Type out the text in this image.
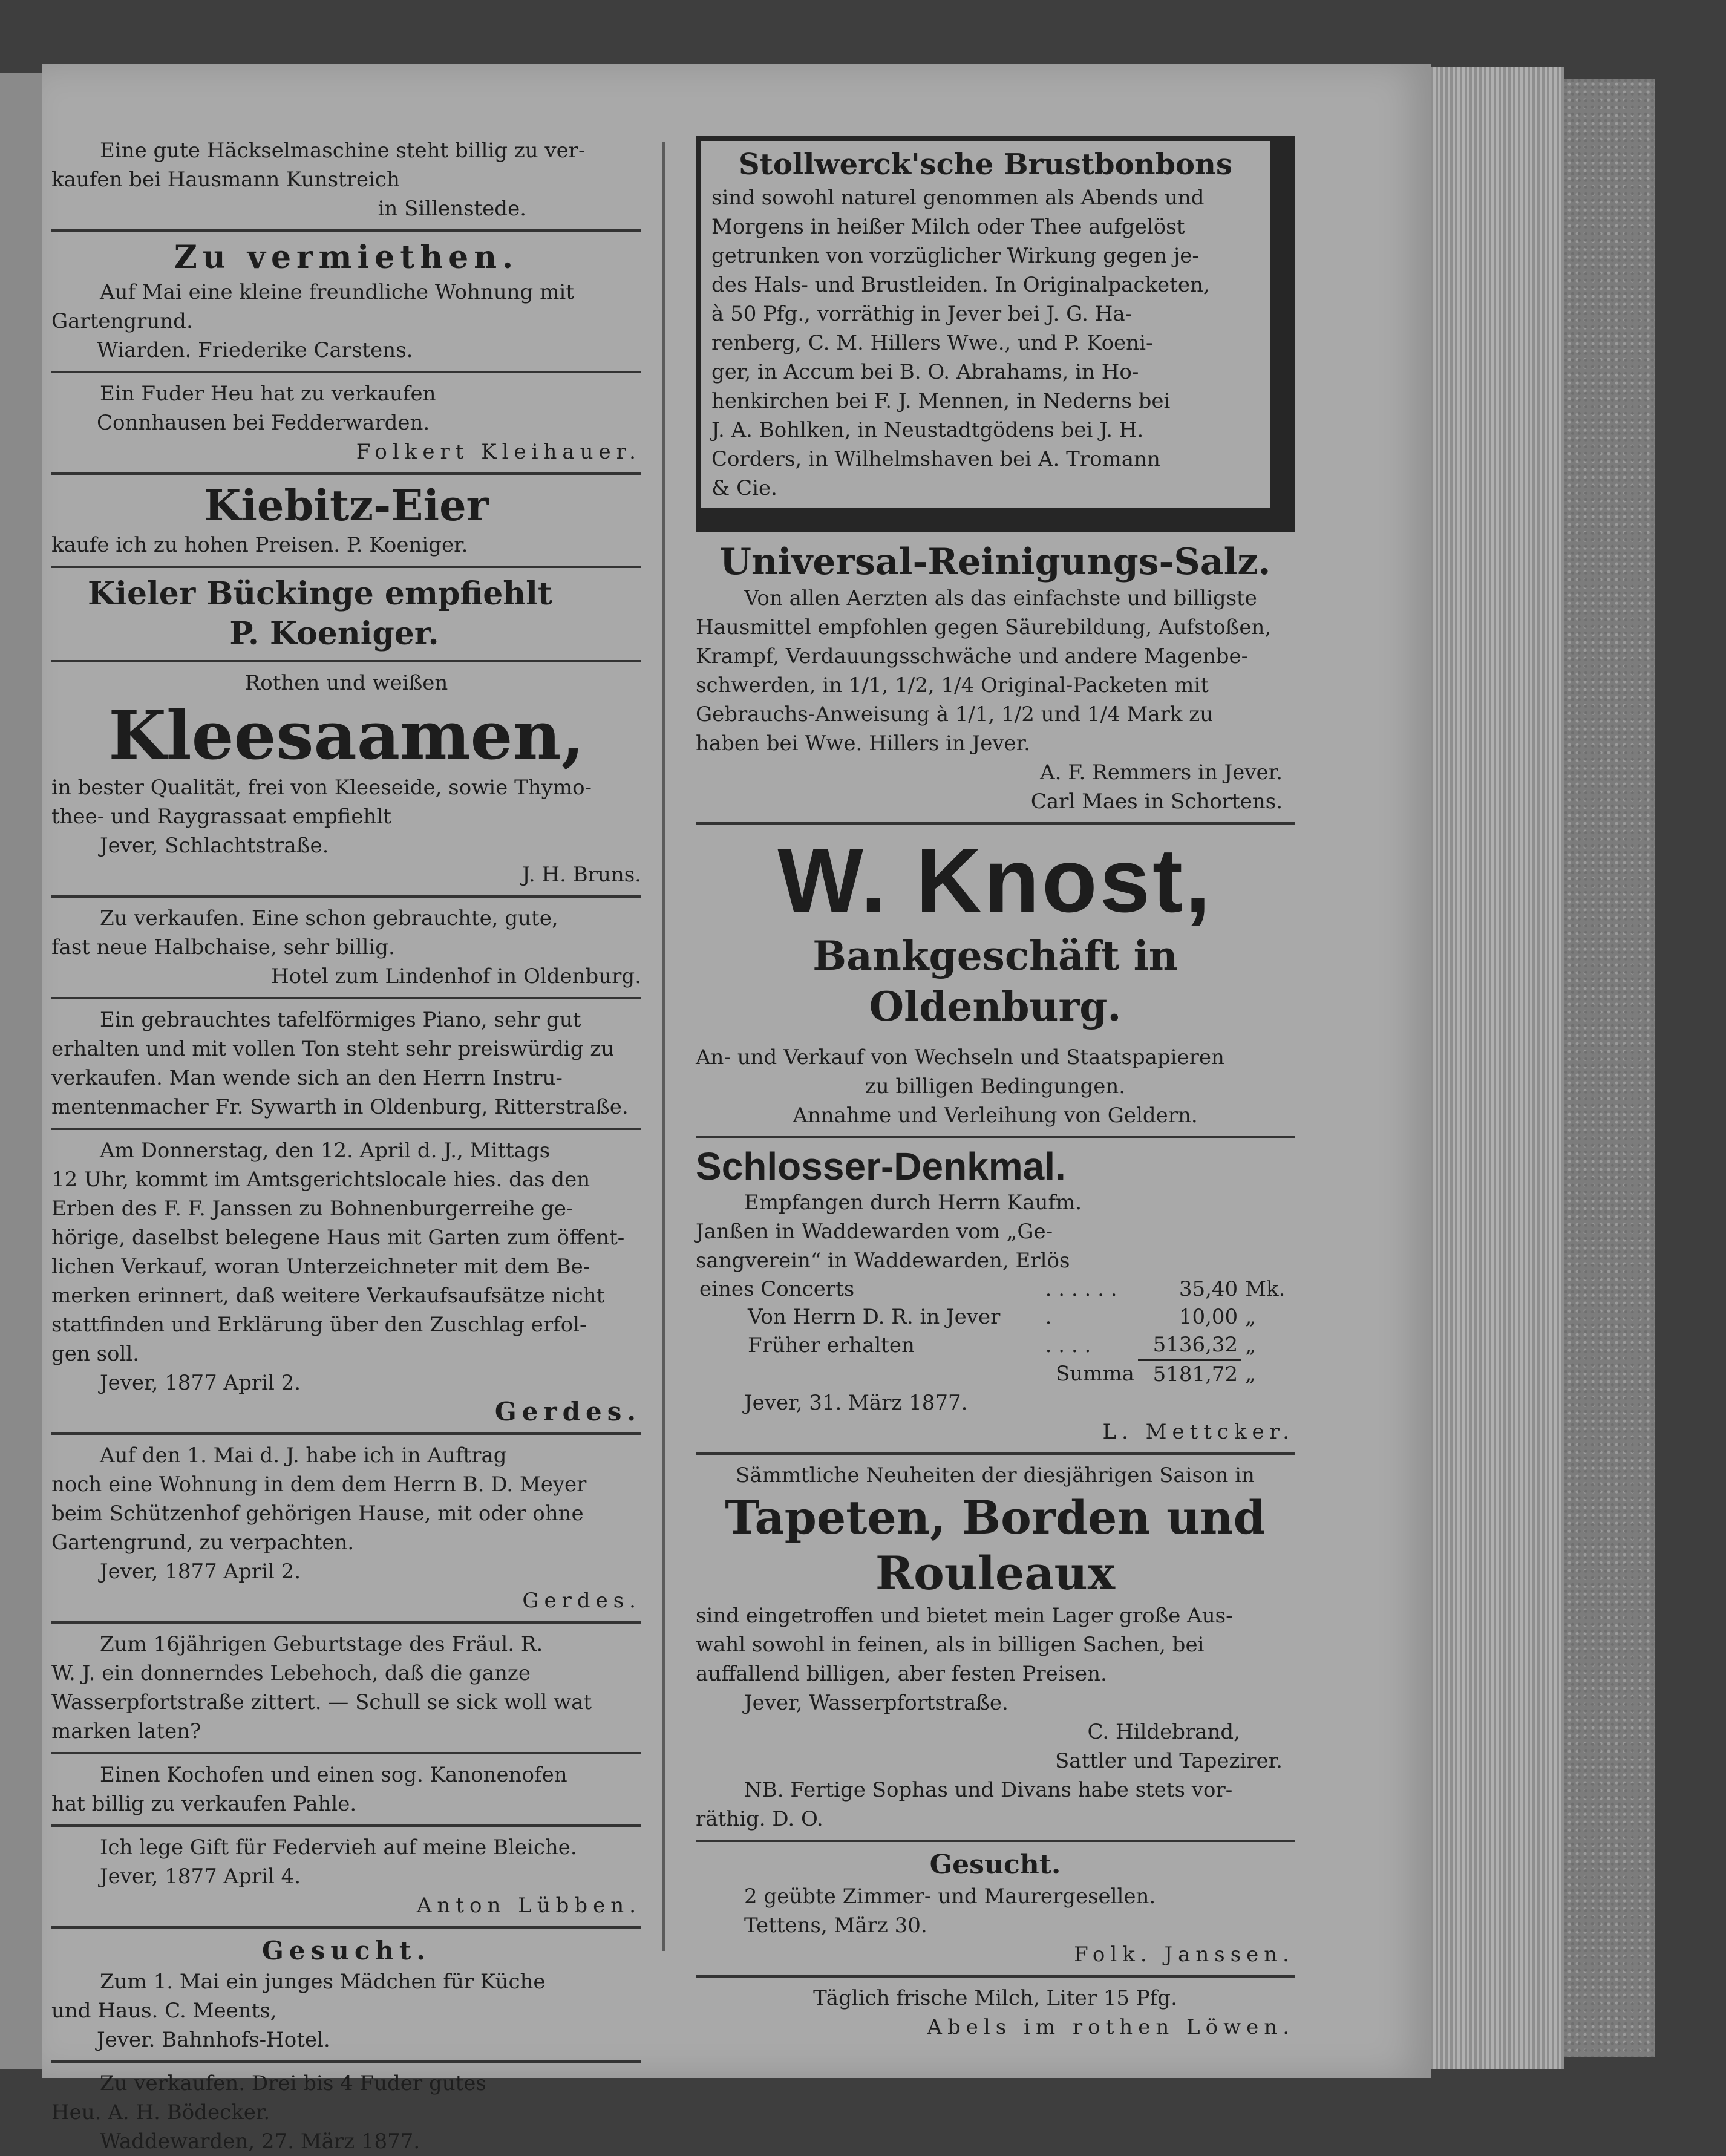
Eine gute Häckselmaschine steht billig zu ver-

kaufen bei Hausmann Kunstreich

in Sillenstede.

Zu vermiethen.

Auf Mai eine kleine freundliche Wohnung mit

Gartengrund.

Wiarden. Friederike Carstens.

Ein Fuder Heu hat zu verkaufen

Connhausen bei Fedderwarden.

Folkert Kleihauer.

Kiebitz-Eier

kaufe ich zu hohen Preisen. P. Koeniger.

Kieler Bückinge empfiehlt

P. Koeniger.

Rothen und weißen

Kleesaamen,

in bester Qualität, frei von Kleeseide, sowie Thymo-

thee- und Raygrassaat empfiehlt

Jever, Schlachtstraße.

J. H. Bruns.

Zu verkaufen. Eine schon gebrauchte, gute,

fast neue Halbchaise, sehr billig.

Hotel zum Lindenhof in Oldenburg.

Ein gebrauchtes tafelförmiges Piano, sehr gut

erhalten und mit vollen Ton steht sehr preiswürdig zu

verkaufen. Man wende sich an den Herrn Instru-

mentenmacher Fr. Sywarth in Oldenburg, Ritterstraße.

Am Donnerstag, den 12. April d. J., Mittags

12 Uhr, kommt im Amtsgerichtslocale hies. das den

Erben des F. F. Janssen zu Bohnenburgerreihe ge-

hörige, daselbst belegene Haus mit Garten zum öffent-

lichen Verkauf, woran Unterzeichneter mit dem Be-

merken erinnert, daß weitere Verkaufsaufsätze nicht

stattfinden und Erklärung über den Zuschlag erfol-

gen soll.

Jever, 1877 April 2.

Gerdes.

Auf den 1. Mai d. J. habe ich in Auftrag

noch eine Wohnung in dem dem Herrn B. D. Meyer

beim Schützenhof gehörigen Hause, mit oder ohne

Gartengrund, zu verpachten.

Jever, 1877 April 2.

Gerdes.

Zum 16jährigen Geburtstage des Fräul. R.

W. J. ein donnerndes Lebehoch, daß die ganze

Wasserpfortstraße zittert. — Schull se sick woll wat

marken laten?

Einen Kochofen und einen sog. Kanonenofen

hat billig zu verkaufen Pahle.

Ich lege Gift für Federvieh auf meine Bleiche.

Jever, 1877 April 4.

Anton Lübben.

Gesucht.

Zum 1. Mai ein junges Mädchen für Küche

und Haus. C. Meents,

Jever. Bahnhofs-Hotel.

Zu verkaufen. Drei bis 4 Fuder gutes

Heu. A. H. Bödecker.

Waddewarden, 27. März 1877.

Stollwerck'sche Brustbonbons

sind sowohl naturel genommen als Abends und

Morgens in heißer Milch oder Thee aufgelöst

getrunken von vorzüglicher Wirkung gegen je-

des Hals- und Brustleiden. In Originalpacketen,

à 50 Pfg., vorräthig in Jever bei J. G. Ha-

renberg, C. M. Hillers Wwe., und P. Koeni-

ger, in Accum bei B. O. Abrahams, in Ho-

henkirchen bei F. J. Mennen, in Nederns bei

J. A. Bohlken, in Neustadtgödens bei J. H.

Corders, in Wilhelmshaven bei A. Tromann

& Cie.

Universal-Reinigungs-Salz.

Von allen Aerzten als das einfachste und billigste

Hausmittel empfohlen gegen Säurebildung, Aufstoßen,

Krampf, Verdauungsschwäche und andere Magenbe-

schwerden, in 1/1, 1/2, 1/4 Original-Packeten mit

Gebrauchs-Anweisung à 1/1, 1/2 und 1/4 Mark zu

haben bei Wwe. Hillers in Jever.

A. F. Remmers in Jever.

Carl Maes in Schortens.

W. Knost,

Bankgeschäft in Oldenburg.

An- und Verkauf von Wechseln und Staatspapieren

zu billigen Bedingungen.

Annahme und Verleihung von Geldern.

Schlosser-Denkmal.

Empfangen durch Herrn Kaufm.

Janßen in Waddewarden vom „Ge-

sangverein“ in Waddewarden, Erlös

eines Concerts	. . . . . .	35,40	Mk.
Von Herrn D. R. in Jever	.	10,00	„
Früher erhalten	. . . .	5136,32	„
	Summa	5181,72	„

Jever, 31. März 1877.

L. Mettcker.

Sämmtliche Neuheiten der diesjährigen Saison in

Tapeten, Borden und

Rouleaux

sind eingetroffen und bietet mein Lager große Aus-

wahl sowohl in feinen, als in billigen Sachen, bei

auffallend billigen, aber festen Preisen.

Jever, Wasserpfortstraße.

C. Hildebrand,

Sattler und Tapezirer.

NB. Fertige Sophas und Divans habe stets vor-

räthig. D. O.

Gesucht.

2 geübte Zimmer- und Maurergesellen.

Tettens, März 30.

Folk. Janssen.

Täglich frische Milch, Liter 15 Pfg.

Abels im rothen Löwen.
